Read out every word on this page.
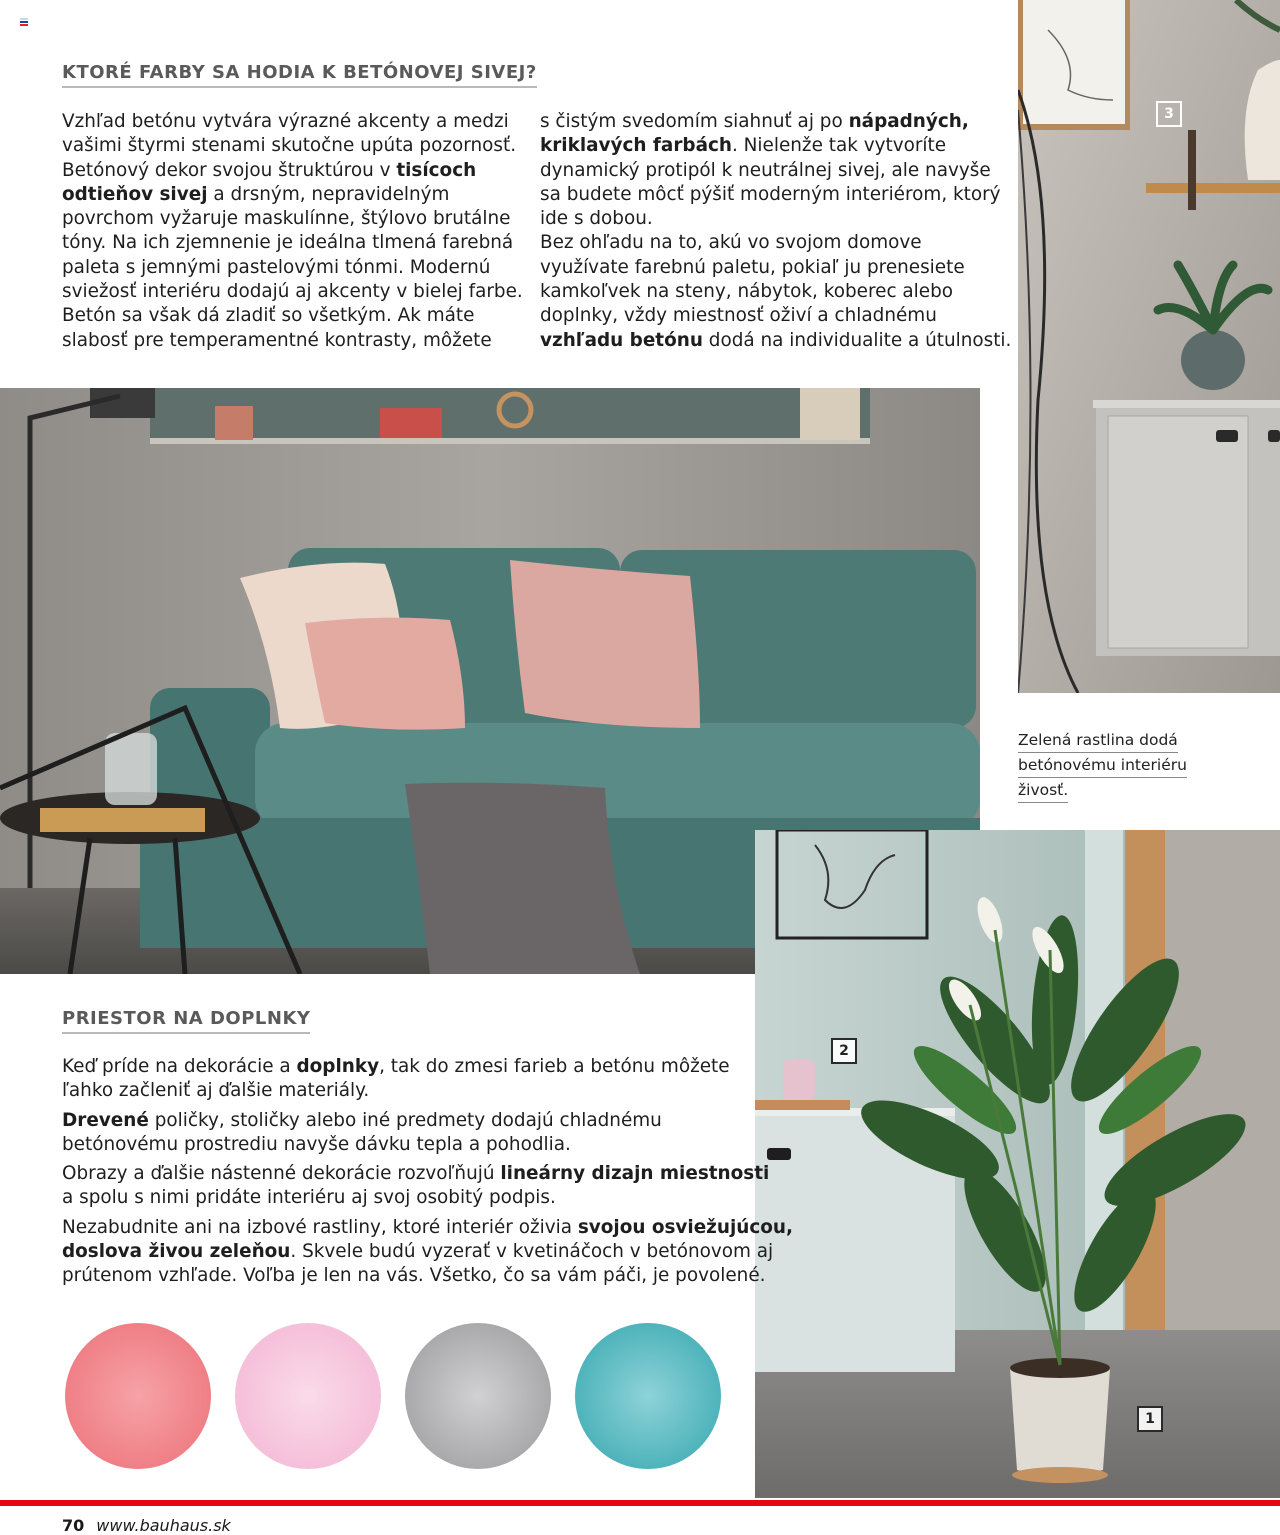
KTORÉ FARBY SA HODIA K BETÓNOVEJ SIVEJ?

Vzhľad betónu vytvára výrazné akcenty a medzi

vašimi štyrmi stenami skutočne upúta pozornosť.

Betónový dekor svojou štruktúrou v tisícoch

odtieňov sivej a drsným, nepravidelným

povrchom vyžaruje maskulínne, štýlovo brutálne

tóny. Na ich zjemnenie je ideálna tlmená farebná

paleta s jemnými pastelovými tónmi. Modernú

sviežosť interiéru dodajú aj akcenty v bielej farbe.

Betón sa však dá zladiť so všetkým. Ak máte

slabosť pre temperamentné kontrasty, môžete

s čistým svedomím siahnuť aj po nápadných,

kriklavých farbách. Nielenže tak vytvoríte

dynamický protipól k neutrálnej sivej, ale navyše

sa budete môcť pýšiť moderným interiérom, ktorý

ide s dobou.

Bez ohľadu na to, akú vo svojom domove

využívate farebnú paletu, pokiaľ ju prenesiete

kamkoľvek na steny, nábytok, koberec alebo

doplnky, vždy miestnosť oživí a chladnému

vzhľadu betónu dodá na individualite a útulnosti.

3
Zelená rastlina dodá
betónovému interiéru
živosť.
2
1
PRIESTOR NA DOPLNKY

Keď príde na dekorácie a doplnky, tak do zmesi farieb a betónu môžete
ľahko začleniť aj ďalšie materiály.

Drevené poličky, stoličky alebo iné predmety dodajú chladnému
betónovému prostrediu navyše dávku tepla a pohodlia.

Obrazy a ďalšie nástenné dekorácie rozvoľňujú lineárny dizajn miestnosti
a spolu s nimi pridáte interiéru aj svoj osobitý podpis.

Nezabudnite ani na izbové rastliny, ktoré interiér oživia svojou osviežujúcou,
doslova živou zeleňou. Skvele budú vyzerať v kvetináčoch v betónovom aj
prútenom vzhľade. Voľba je len na vás. Všetko, čo sa vám páči, je povolené.

70 www.bauhaus.sk
